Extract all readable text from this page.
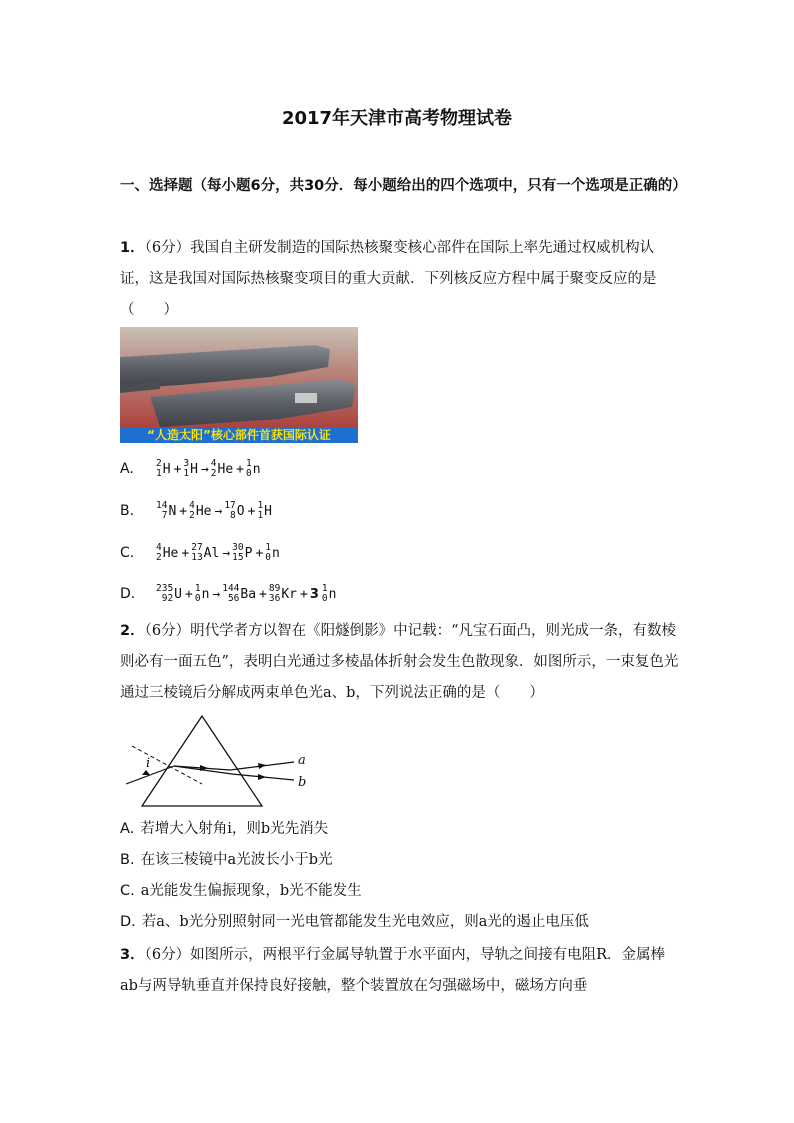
2017年天津市高考物理试卷
一、选择题（每小题6分，共30分．每小题给出的四个选项中，只有一个选项是正确的）
1．（6分）我国自主研发制造的国际热核聚变核心部件在国际上率先通过权威机构认证，这是我国对国际热核聚变项目的重大贡献．下列核反应方程中属于聚变反应的是（　　）
“人造太阳”核心部件首获国际认证
A.	2
1 H + 3
1 H → 4
2 He + 1
0 n
B.	14
7 N + 4
2 He → 17
8 O + 1
1 H
C.	4
2 He + 27
13 Al → 30
15 P + 1
0 n
D.	235
92 U + 1
0 n → 144
56 Ba + 89
36 Kr + 3 1
0 n
2．（6分）明代学者方以智在《阳燧倒影》中记载：“凡宝石面凸，则光成一条，有数棱则必有一面五色”，表明白光通过多棱晶体折射会发生色散现象．如图所示，一束复色光通过三棱镜后分解成两束单色光a、b，下列说法正确的是（　　）
i	a
b
A. 若增大入射角i，则b光先消失
B. 在该三棱镜中a光波长小于b光
C. a光能发生偏振现象，b光不能发生
D. 若a、b光分别照射同一光电管都能发生光电效应，则a光的遏止电压低
3．（6分）如图所示，两根平行金属导轨置于水平面内，导轨之间接有电阻R．金属棒ab与两导轨垂直并保持良好接触，整个装置放在匀强磁场中，磁场方向垂
